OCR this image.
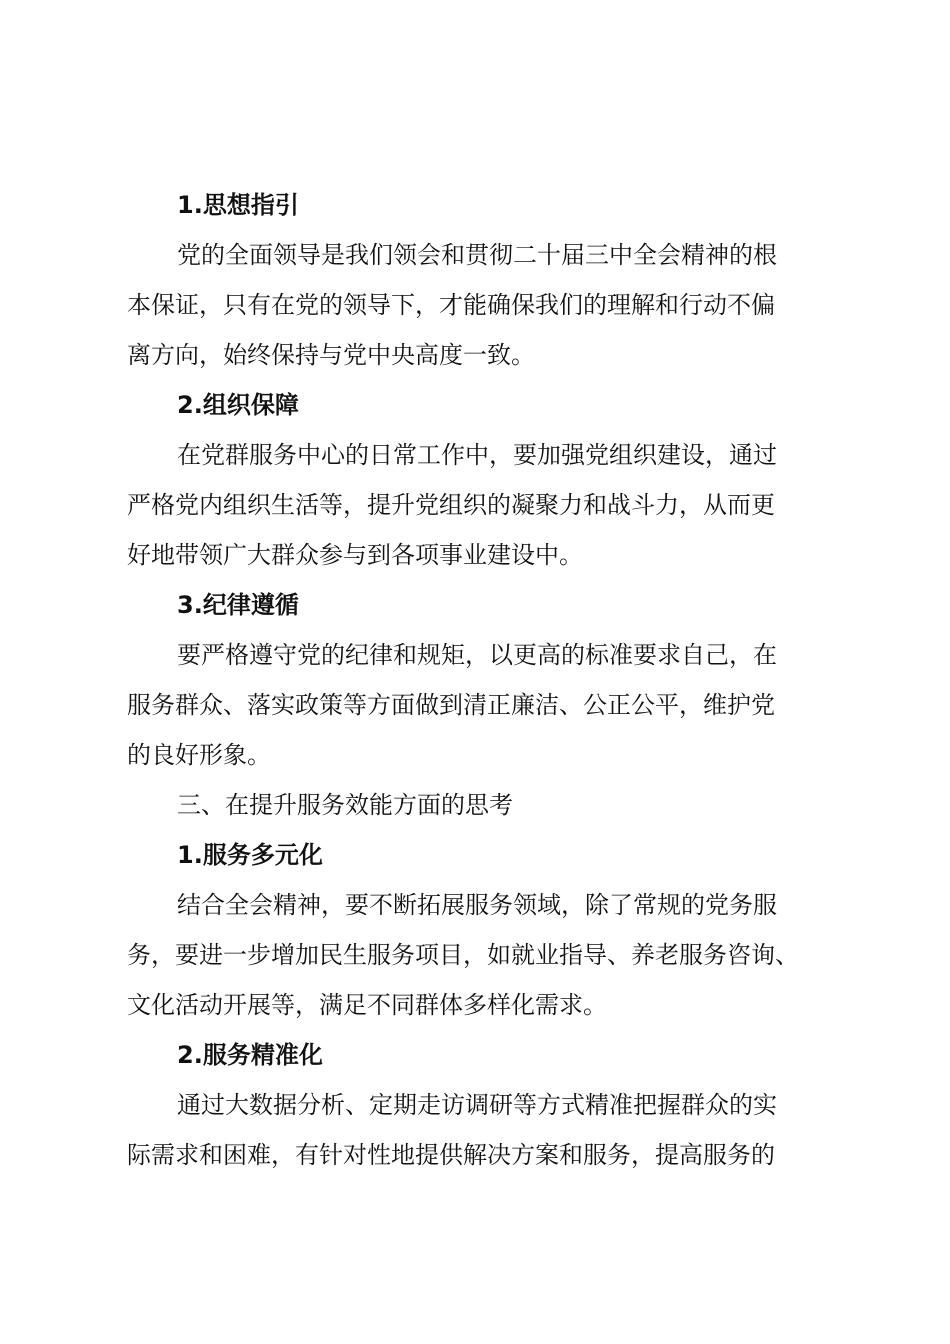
1.思想指引
党的全面领导是我们领会和贯彻二十届三中全会精神的根
本保证，只有在党的领导下，才能确保我们的理解和行动不偏
离方向，始终保持与党中央高度一致。
2.组织保障
在党群服务中心的日常工作中，要加强党组织建设，通过
严格党内组织生活等，提升党组织的凝聚力和战斗力，从而更
好地带领广大群众参与到各项事业建设中。
3.纪律遵循
要严格遵守党的纪律和规矩，以更高的标准要求自己，在
服务群众、落实政策等方面做到清正廉洁、公正公平，维护党
的良好形象。
三、在提升服务效能方面的思考
1.服务多元化
结合全会精神，要不断拓展服务领域，除了常规的党务服
务，要进一步增加民生服务项目，如就业指导、养老服务咨询、
文化活动开展等，满足不同群体多样化需求。
2.服务精准化
通过大数据分析、定期走访调研等方式精准把握群众的实
际需求和困难，有针对性地提供解决方案和服务，提高服务的
